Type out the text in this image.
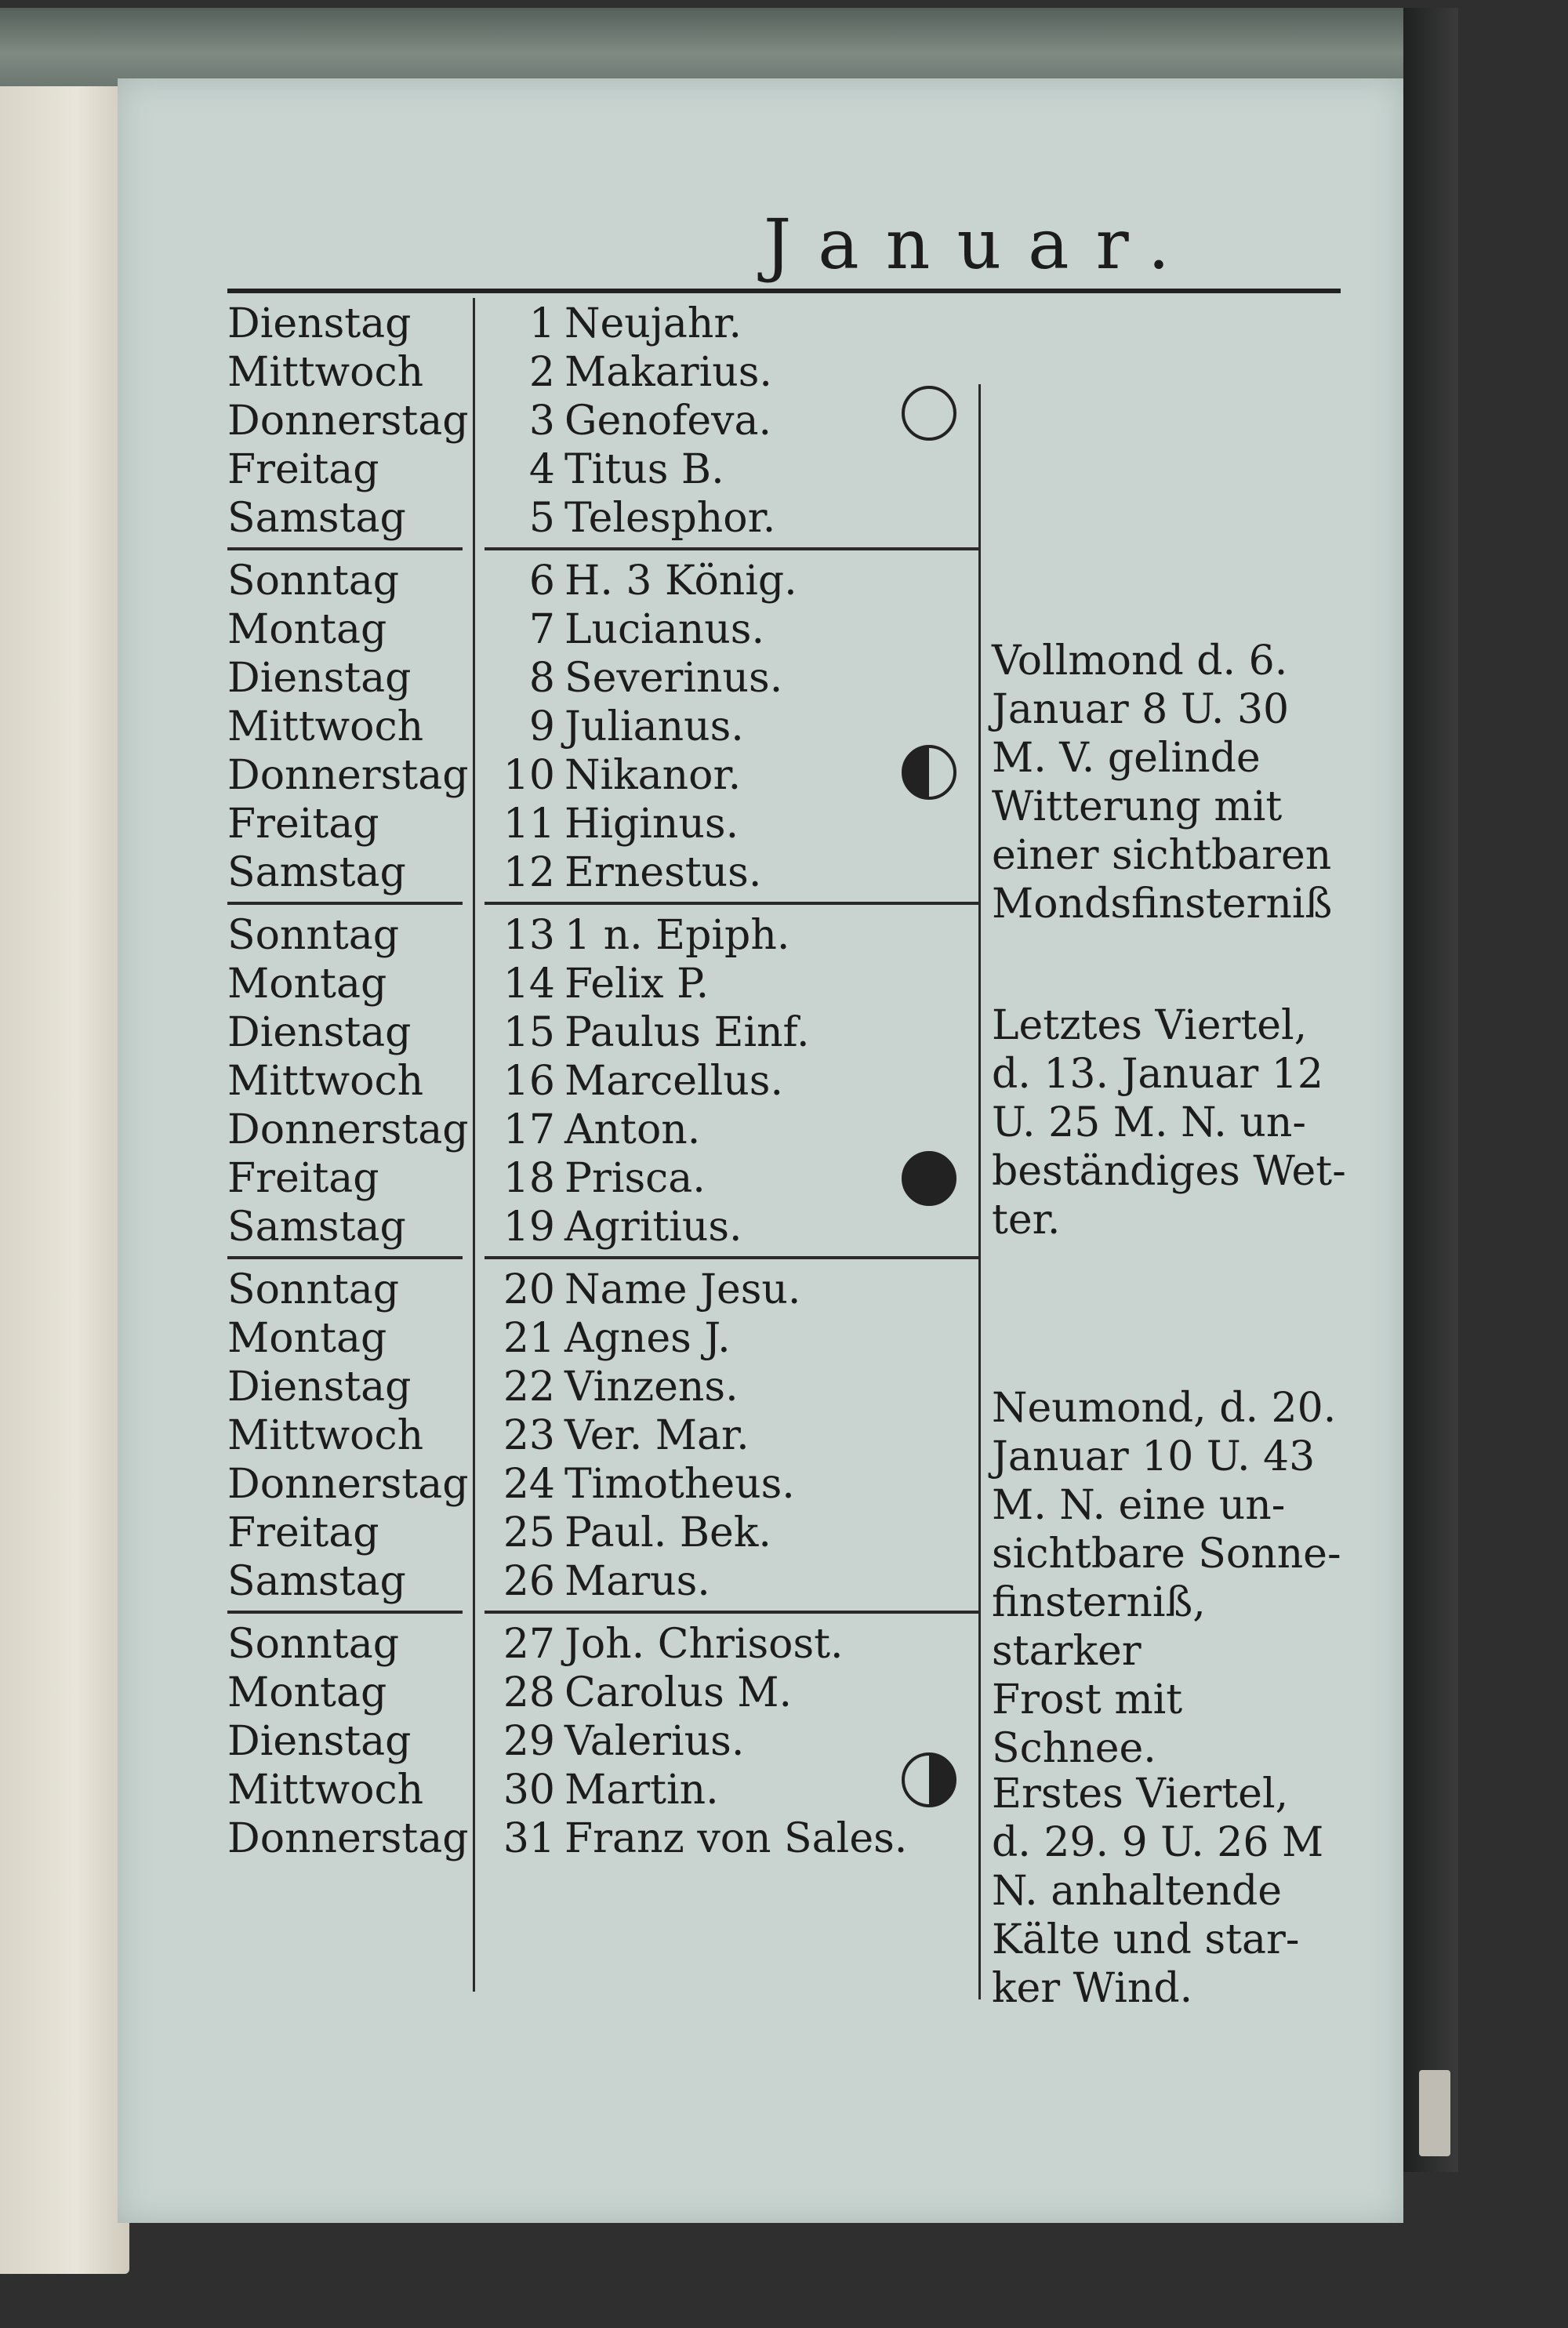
Januar.
Dienstag
Mittwoch
Donnerstag
Freitag
Samstag
Sonntag
Montag
Dienstag
Mittwoch
Donnerstag
Freitag
Samstag
Sonntag
Montag
Dienstag
Mittwoch
Donnerstag
Freitag
Samstag
Sonntag
Montag
Dienstag
Mittwoch
Donnerstag
Freitag
Samstag
Sonntag
Montag
Dienstag
Mittwoch
Donnerstag
1 Neujahr.
2 Makarius.
3 Genofeva.
4 Titus B.
5 Telesphor.
6 H. 3 König.
7 Lucianus.
8 Severinus.
9 Julianus.
10 Nikanor.
11 Higinus.
12 Ernestus.
13 1 n. Epiph.
14 Felix P.
15 Paulus Einf.
16 Marcellus.
17 Anton.
18 Prisca.
19 Agritius.
20 Name Jesu.
21 Agnes J.
22 Vinzens.
23 Ver. Mar.
24 Timotheus.
25 Paul. Bek.
26 Marus.
27 Joh. Chrisost.
28 Carolus M.
29 Valerius.
30 Martin.
31 Franz von Sales.
Vollmond d. 6.
Januar 8 U. 30
M. V. gelinde
Witterung mit
einer sichtbaren
Mondsfinsterniß
Letztes Viertel,
d. 13. Januar 12
U. 25 M. N. un-
beständiges Wet-
ter.
Neumond, d. 20.
Januar 10 U. 43
M. N. eine un-
sichtbare Sonne-
finsterniß, starker
Frost mit Schnee.
Erstes Viertel,
d. 29. 9 U. 26 M
N. anhaltende
Kälte und star-
ker Wind.
